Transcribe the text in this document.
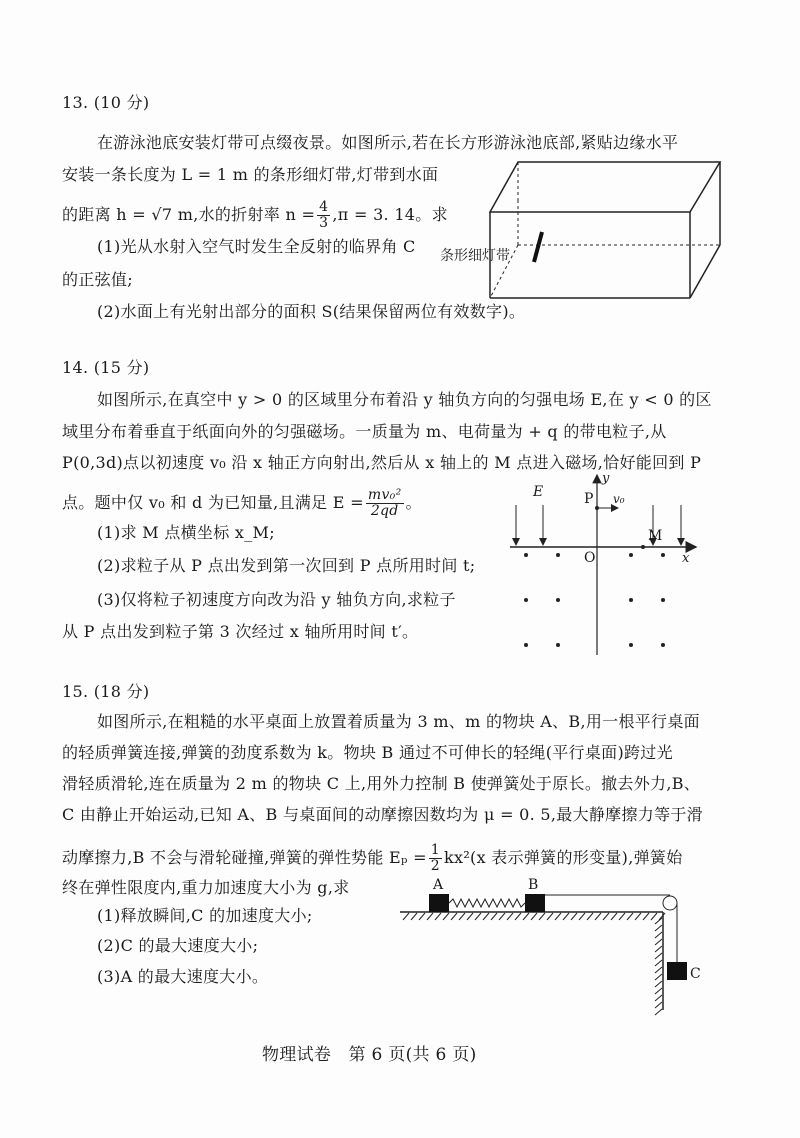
13. (10 分)
在游泳池底安装灯带可点缀夜景。如图所示,若在长方形游泳池底部,紧贴边缘水平
安装一条长度为 L = 1 m 的条形细灯带,灯带到水面
的距离 h = √7 m,水的折射率 $n = \frac{4}{3} ,\pi = 3$. 14。求
(1)光从水射入空气时发生全反射的临界角 C
的正弦值;
(2)水面上有光射出部分的面积 S(结果保留两位有效数字)。
条形细灯带
14. (15 分)
如图所示,在真空中 y > 0 的区域里分布着沿 y 轴负方向的匀强电场 E,在 y < 0 的区
域里分布着垂直于纸面向外的匀强磁场。一质量为 m、电荷量为 + q 的带电粒子,从
P(0,3d)点以初速度 v₀ 沿 x 轴正方向射出,然后从 x 轴上的 M 点进入磁场,恰好能回到 P
点。题中仅 v₀ 和 d 为已知量,且满足 $E = \frac{\text{mv₀²}}{2qd}$ 。
(1)求 M 点横坐标 x_M;
(2)求粒子从 P 点出发到第一次回到 P 点所用时间 t;
(3)仅将粒子初速度方向改为沿 y 轴负方向,求粒子
从 P 点出发到粒子第 3 次经过 x 轴所用时间 t′。
E	P v₀
y
x
O
M
15. (18 分)
如图所示,在粗糙的水平桌面上放置着质量为 3 m、m 的物块 A、B,用一根平行桌面
的轻质弹簧连接,弹簧的劲度系数为 k。物块 B 通过不可伸长的轻绳(平行桌面)跨过光
滑轻质滑轮,连在质量为 2 m 的物块 C 上,用外力控制 B 使弹簧处于原长。撤去外力,B、
C 由静止开始运动,已知 A、B 与桌面间的动摩擦因数均为 μ = 0. 5,最大静摩擦力等于滑
动摩擦力,B 不会与滑轮碰撞,弹簧的弹性势能 $E_p = \frac{1}{2} kx^2(x$ 表示弹簧的形变量),弹簧始
终在弹性限度内,重力加速度大小为 g,求
(1)释放瞬间,C 的加速度大小;
(2)C 的最大速度大小;
(3)A 的最大速度大小。
A	B
C
物理试卷　第 6 页(共 6 页)
